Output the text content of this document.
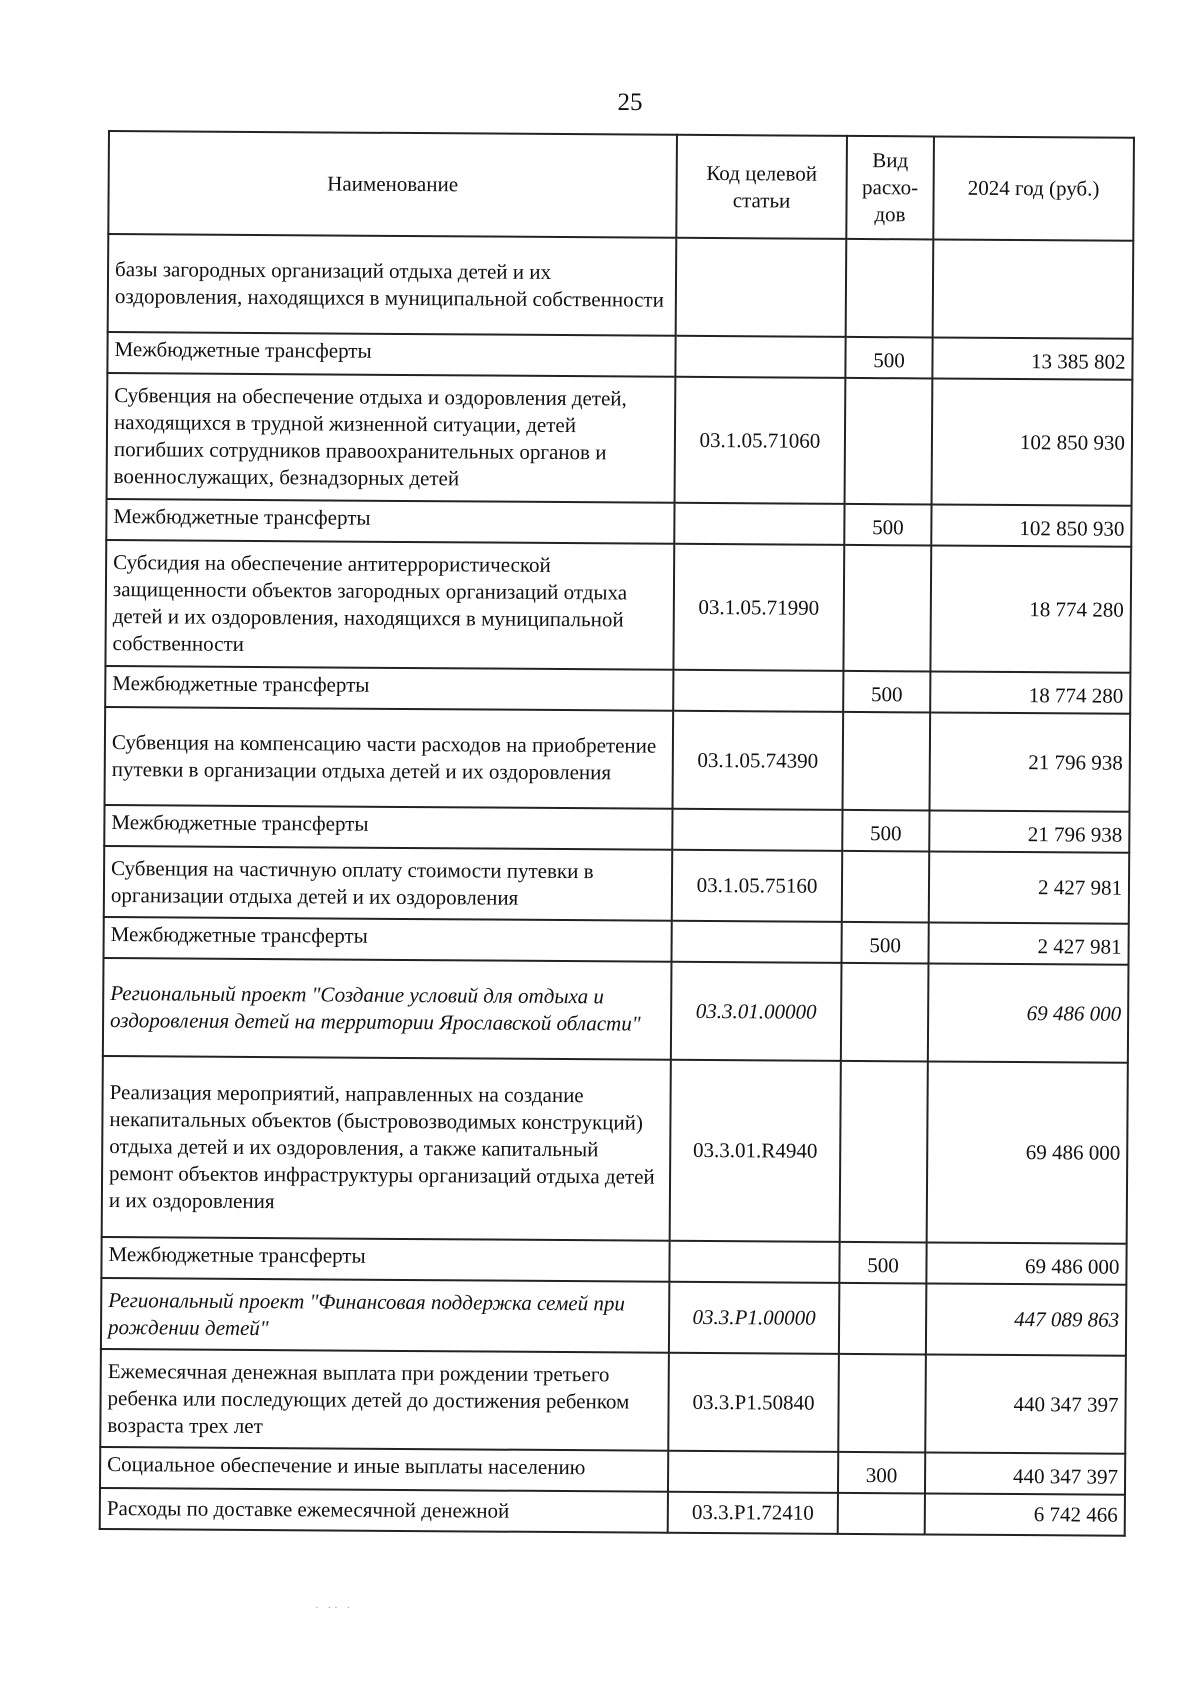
25
Наименование	Код целевой статьи	Вид расхо-дов	2024 год (руб.)
базы загородных организаций отдыха детей и их оздоровления, находящихся в муниципальной собственности			
Межбюджетные трансферты		500	13 385 802
Субвенция на обеспечение отдыха и оздоровления детей, находящихся в трудной жизненной ситуации, детей погибших сотрудников правоохранительных органов и военнослужащих, безнадзорных детей	03.1.05.71060		102 850 930
Межбюджетные трансферты		500	102 850 930
Субсидия на обеспечение антитеррористической защищенности объектов загородных организаций отдыха детей и их оздоровления, находящихся в муниципальной собственности	03.1.05.71990		18 774 280
Межбюджетные трансферты		500	18 774 280
Субвенция на компенсацию части расходов на приобретение путевки в организации отдыха детей и их оздоровления	03.1.05.74390		21 796 938
Межбюджетные трансферты		500	21 796 938
Субвенция на частичную оплату стоимости путевки в организации отдыха детей и их оздоровления	03.1.05.75160		2 427 981
Межбюджетные трансферты		500	2 427 981
Региональный проект "Создание условий для отдыха и оздоровления детей на территории Ярославской области"	03.3.01.00000		69 486 000
Реализация мероприятий, направленных на создание некапитальных объектов (быстровозводимых конструкций) отдыха детей и их оздоровления, а также капитальный ремонт объектов инфраструктуры организаций отдыха детей и их оздоровления	03.3.01.R4940		69 486 000
Межбюджетные трансферты		500	69 486 000
Региональный проект "Финансовая поддержка семей при рождении детей"	03.3.P1.00000		447 089 863
Ежемесячная денежная выплата при рождении третьего ребенка или последующих детей до достижения ребенком возраста трех лет	03.3.P1.50840		440 347 397
Социальное обеспечение и иные выплаты населению		300	440 347 397
Расходы по доставке ежемесячной денежной	03.3.P1.72410		6 742 466
· ·· ·
